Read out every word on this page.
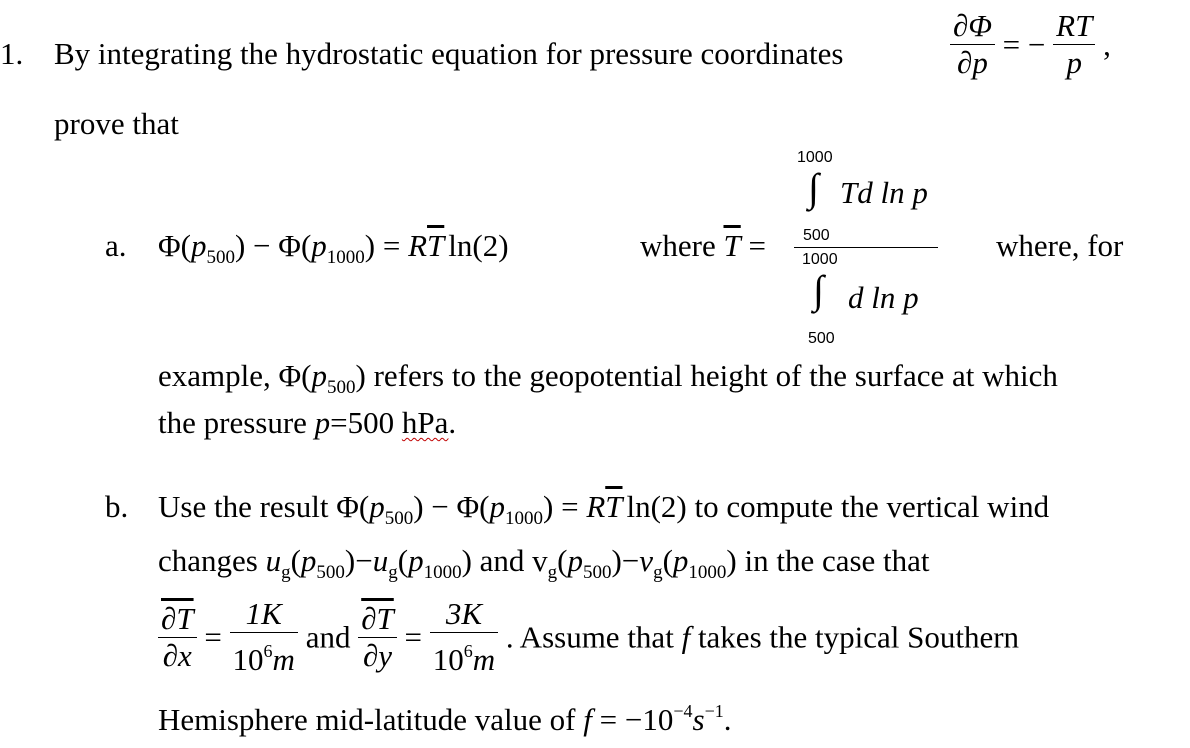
1. By integrating the hydrostatic equation for pressure coordinates	$\frac{\partial\Phi}{\partial p}$ = − $\frac{RT}{p}$ ,
prove that
a. $\Phi(p_{500}) - \Phi(p_{1000}) = R\overline{T}$ ln(2)	where $\overline{T}$ =
1000
∫ Td ln p
500
1000
∫ d ln p
500
where, for
example, $\Phi(p_{500})$ refers to the geopotential height of the surface at which
the pressure p=500 hPa.
b. Use the result $\Phi(p_{500}) - \Phi(p_{1000}) = R\overline{T}$ ln(2) to compute the vertical wind
changes $u_g(p_{500})-u_g(p_{1000})$ and $v_g(p_{500})-v_g(p_{1000})$ in the case that
$\frac{\partial T}{\partial x} = \frac{1K}{10^6m}$ and $\frac{\partial T}{\partial y} = \frac{3K}{10^6m}$ . Assume that f takes the typical Southern
Hemisphere mid-latitude value of $f = -10^{-4}s^{-1}$.
